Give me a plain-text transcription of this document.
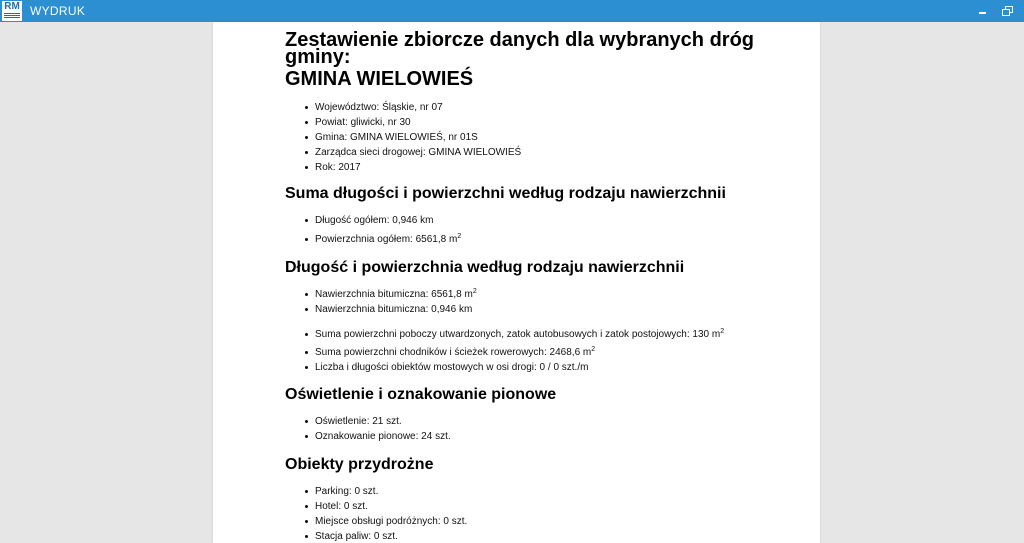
RM WYDRUK
Zestawienie zbiorcze danych dla wybranych dróg gminy:
GMINA WIELOWIEŚ
Województwo: Śląskie, nr 07
Powiat: gliwicki, nr 30
Gmina: GMINA WIELOWIEŚ, nr 01S
Zarządca sieci drogowej: GMINA WIELOWIEŚ
Rok: 2017
Suma długości i powierzchni według rodzaju nawierzchnii
Długość ogółem: 0,946 km
Powierzchnia ogółem: 6561,8 $m^2$
Długość i powierzchnia według rodzaju nawierzchnii
Nawierzchnia bitumiczna: 6561,8 $m^2$
Nawierzchnia bitumiczna: 0,946 km
Suma powierzchni poboczy utwardzonych, zatok autobusowych i zatok postojowych: 130 $m^2$
Suma powierzchni chodników i ścieżek rowerowych: 2468,6 $m^2$
Liczba i długości obiektów mostowych w osi drogi: 0 / 0 szt./m
Oświetlenie i oznakowanie pionowe
Oświetlenie: 21 szt.
Oznakowanie pionowe: 24 szt.
Obiekty przydrożne
Parking: 0 szt.
Hotel: 0 szt.
Miejsce obsługi podróżnych: 0 szt.
Stacja paliw: 0 szt.
